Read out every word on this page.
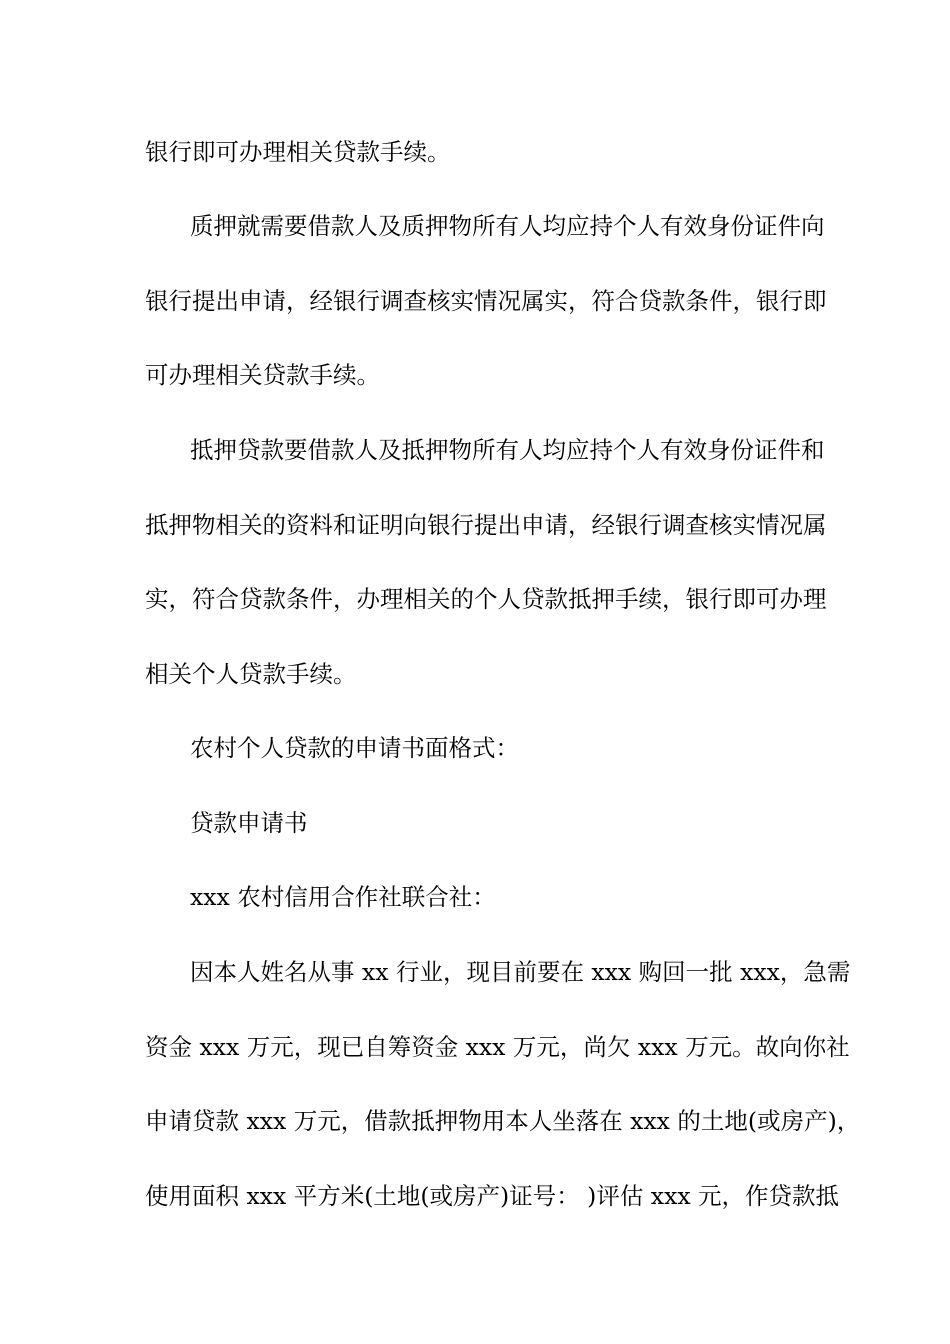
银行即可办理相关贷款手续。
质押就需要借款人及质押物所有人均应持个人有效身份证件向
银行提出申请，经银行调查核实情况属实，符合贷款条件，银行即
可办理相关贷款手续。
抵押贷款要借款人及抵押物所有人均应持个人有效身份证件和
抵押物相关的资料和证明向银行提出申请，经银行调查核实情况属
实，符合贷款条件，办理相关的个人贷款抵押手续，银行即可办理
相关个人贷款手续。
农村个人贷款的申请书面格式：
贷款申请书
xxx 农村信用合作社联合社：
因本人姓名从事 xx 行业，现目前要在 xxx 购回一批 xxx，急需
资金 xxx 万元，现已自筹资金 xxx 万元，尚欠 xxx 万元。故向你社
申请贷款 xxx 万元，借款抵押物用本人坐落在 xxx 的土地(或房产)，
使用面积 xxx 平方米(土地(或房产)证号： )评估 xxx 元，作贷款抵
